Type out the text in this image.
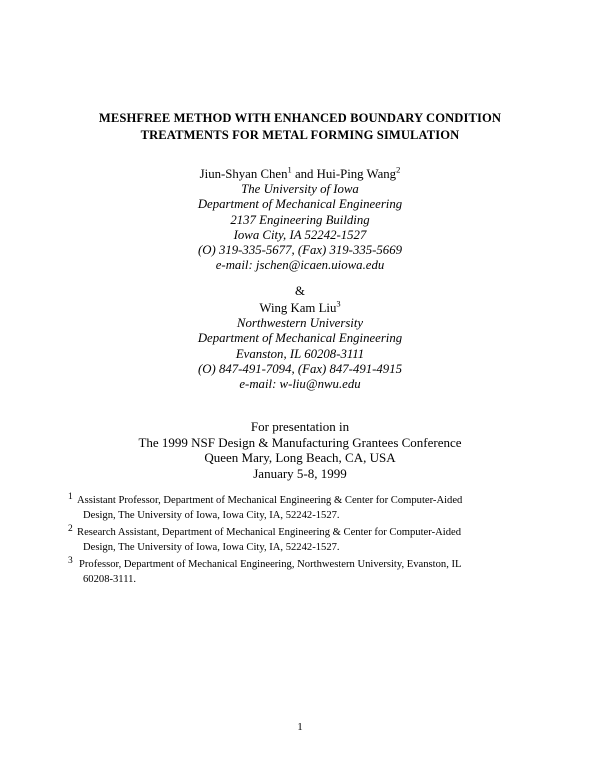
MESHFREE METHOD WITH ENHANCED BOUNDARY CONDITION
TREATMENTS FOR METAL FORMING SIMULATION
Jiun-Shyan Chen$^1$ and Hui-Ping Wang$^2$
The University of Iowa
Department of Mechanical Engineering
2137 Engineering Building
Iowa City, IA 52242-1527
(O) 319-335-5677, (Fax) 319-335-5669
e-mail: jschen@icaen.uiowa.edu
&
Wing Kam Liu$^3$
Northwestern University
Department of Mechanical Engineering
Evanston, IL 60208-3111
(O) 847-491-7094, (Fax) 847-491-4915
e-mail: w-liu@nwu.edu
For presentation in
The 1999 NSF Design & Manufacturing Grantees Conference
Queen Mary, Long Beach, CA, USA
January 5-8, 1999
1 Assistant Professor, Department of Mechanical Engineering & Center for Computer-Aided
Design, The University of Iowa, Iowa City, IA, 52242-1527.
2 Research Assistant, Department of Mechanical Engineering & Center for Computer-Aided
Design, The University of Iowa, Iowa City, IA, 52242-1527.
3 Professor, Department of Mechanical Engineering, Northwestern University, Evanston, IL
60208-3111.
1
